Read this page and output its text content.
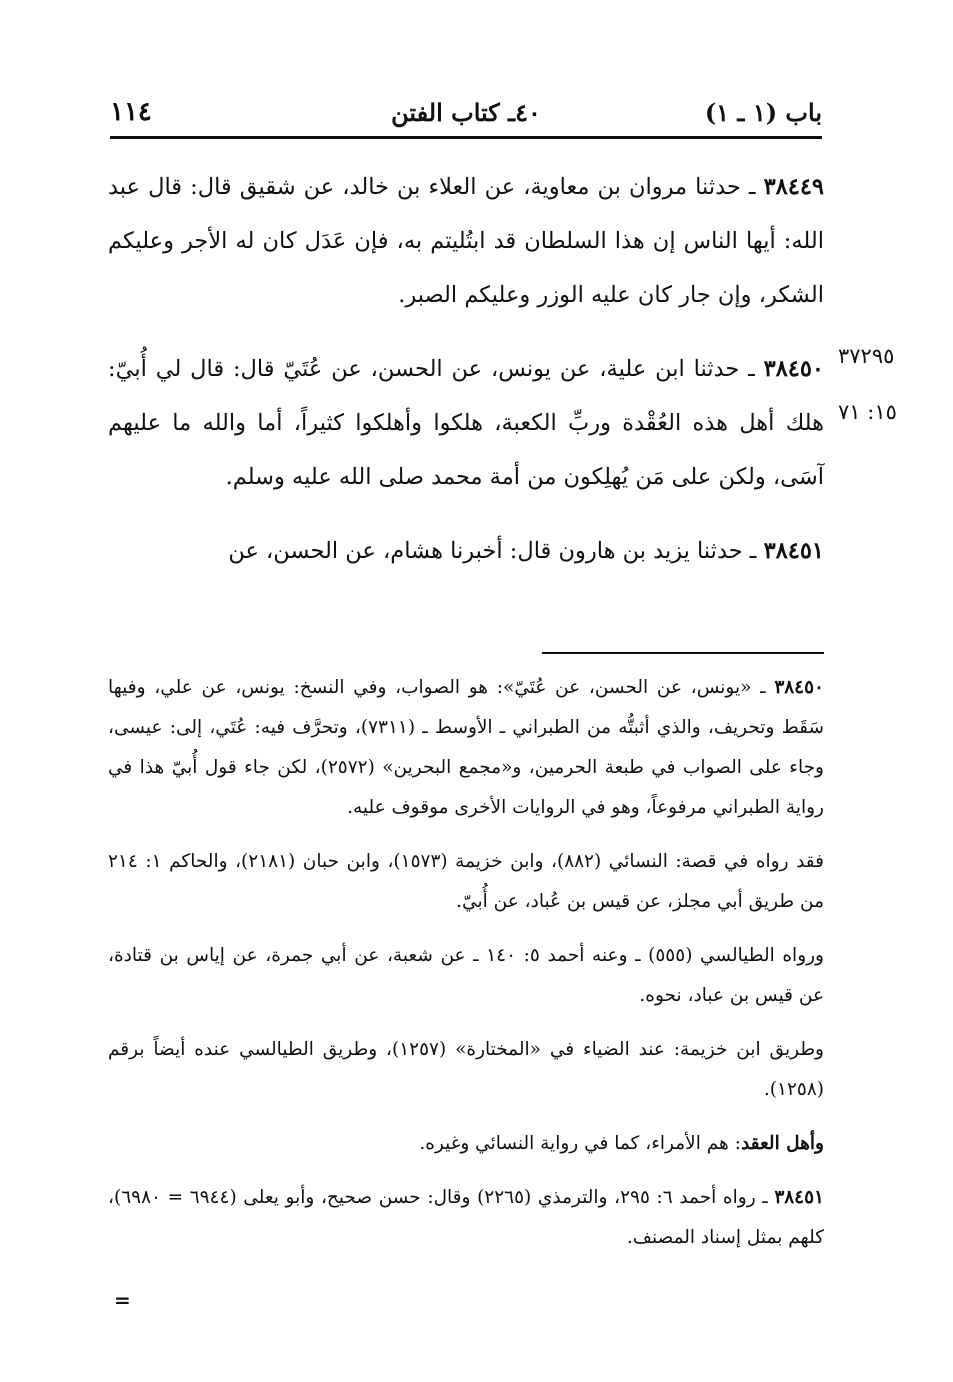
١١٤	٤٠ـ كتاب الفتن	باب (١ ـ ١)
٣٧٢٩٥
١٥: ٧١

٣٨٤٤٩ ـ حدثنا مروان بن معاوية، عن العلاء بن خالد، عن شقيق قال: قال عبد الله: أيها الناس إن هذا السلطان قد ابتُليتم به، فإن عَدَل كان له الأجر وعليكم الشكر، وإن جار كان عليه الوزر وعليكم الصبر.

٣٨٤٥٠ ـ حدثنا ابن علية، عن يونس، عن الحسن، عن عُتَيّ قال: قال لي أُبيّ: هلك أهل هذه العُقْدة وربِّ الكعبة، هلكوا وأهلكوا كثيراً، أما والله ما عليهم آسَى، ولكن على مَن يُهلِكون من أمة محمد صلى الله عليه وسلم.

٣٨٤٥١ ـ حدثنا يزيد بن هارون قال: أخبرنا هشام، عن الحسن، عن

٣٨٤٥٠ ـ «يونس، عن الحسن، عن عُتَيّ»: هو الصواب، وفي النسخ: يونس، عن علي، وفيها سَقَط وتحريف، والذي أثبتُّه من الطبراني ـ الأوسط ـ (٧٣١١)، وتحرَّف فيه: عُتَي، إلى: عيسى، وجاء على الصواب في طبعة الحرمين، و«مجمع البحرين» (٢٥٧٢)، لكن جاء قول أُبيّ هذا في رواية الطبراني مرفوعاً، وهو في الروايات الأخرى موقوف عليه.

فقد رواه في قصة: النسائي (٨٨٢)، وابن خزيمة (١٥٧٣)، وابن حبان (٢١٨١)، والحاكم ١: ٢١٤ من طريق أبي مجلز، عن قيس بن عُباد، عن أُبيّ.

ورواه الطيالسي (٥٥٥) ـ وعنه أحمد ٥: ١٤٠ ـ عن شعبة، عن أبي جمرة، عن إياس بن قتادة، عن قيس بن عباد، نحوه.

وطريق ابن خزيمة: عند الضياء في «المختارة» (١٢٥٧)، وطريق الطيالسي عنده أيضاً برقم (١٢٥٨).

وأهل العقد: هم الأمراء، كما في رواية النسائي وغيره.

٣٨٤٥١ ـ رواه أحمد ٦: ٢٩٥، والترمذي (٢٢٦٥) وقال: حسن صحيح، وأبو يعلى (٦٩٤٤ = ٦٩٨٠)، كلهم بمثل إسناد المصنف.

=
